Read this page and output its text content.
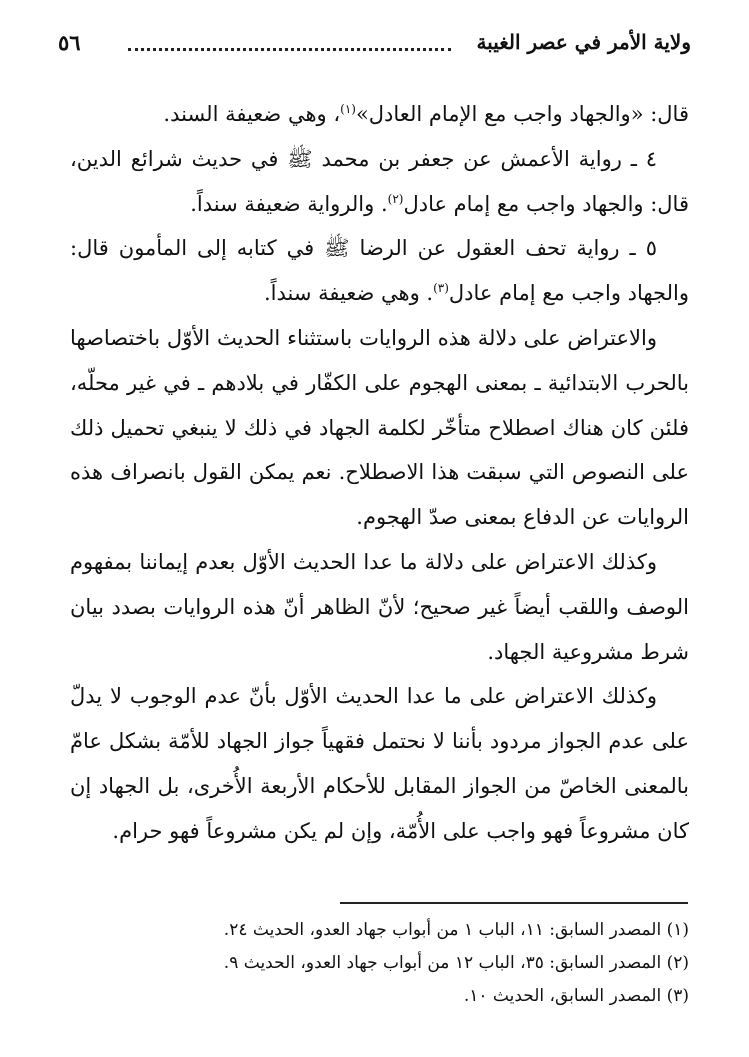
ولاية الأمر في عصر الغيبة
٥٦

قال: «والجهاد واجب مع الإمام العادل»$^{(١)}$، وهي ضعيفة السند.

٤ ـ رواية الأعمش عن جعفر بن محمد ﷺ في حديث شرائع الدين، قال: والجهاد واجب مع إمام عادل$^{(٢)}$. والرواية ضعيفة سنداً.

٥ ـ رواية تحف العقول عن الرضا ﷺ في كتابه إلى المأمون قال: والجهاد واجب مع إمام عادل$^{(٣)}$. وهي ضعيفة سنداً.

والاعتراض على دلالة هذه الروايات باستثناء الحديث الأوّل باختصاصها بالحرب الابتدائية ـ بمعنى الهجوم على الكفّار في بلادهم ـ في غير محلّه، فلئن كان هناك اصطلاح متأخّر لكلمة الجهاد في ذلك لا ينبغي تحميل ذلك على النصوص التي سبقت هذا الاصطلاح. نعم يمكن القول بانصراف هذه الروايات عن الدفاع بمعنى صدّ الهجوم.

وكذلك الاعتراض على دلالة ما عدا الحديث الأوّل بعدم إيماننا بمفهوم الوصف واللقب أيضاً غير صحيح؛ لأنّ الظاهر أنّ هذه الروايات بصدد بيان شرط مشروعية الجهاد.

وكذلك الاعتراض على ما عدا الحديث الأوّل بأنّ عدم الوجوب لا يدلّ على عدم الجواز مردود بأننا لا نحتمل فقهياً جواز الجهاد للأمّة بشكل عامّ بالمعنى الخاصّ من الجواز المقابل للأحكام الأربعة الأُخرى، بل الجهاد إن كان مشروعاً فهو واجب على الأُمّة، وإن لم يكن مشروعاً فهو حرام.

(١) المصدر السابق: ١١، الباب ١ من أبواب جهاد العدو، الحديث ٢٤.

(٢) المصدر السابق: ٣٥، الباب ١٢ من أبواب جهاد العدو، الحديث ٩.

(٣) المصدر السابق، الحديث ١٠.
